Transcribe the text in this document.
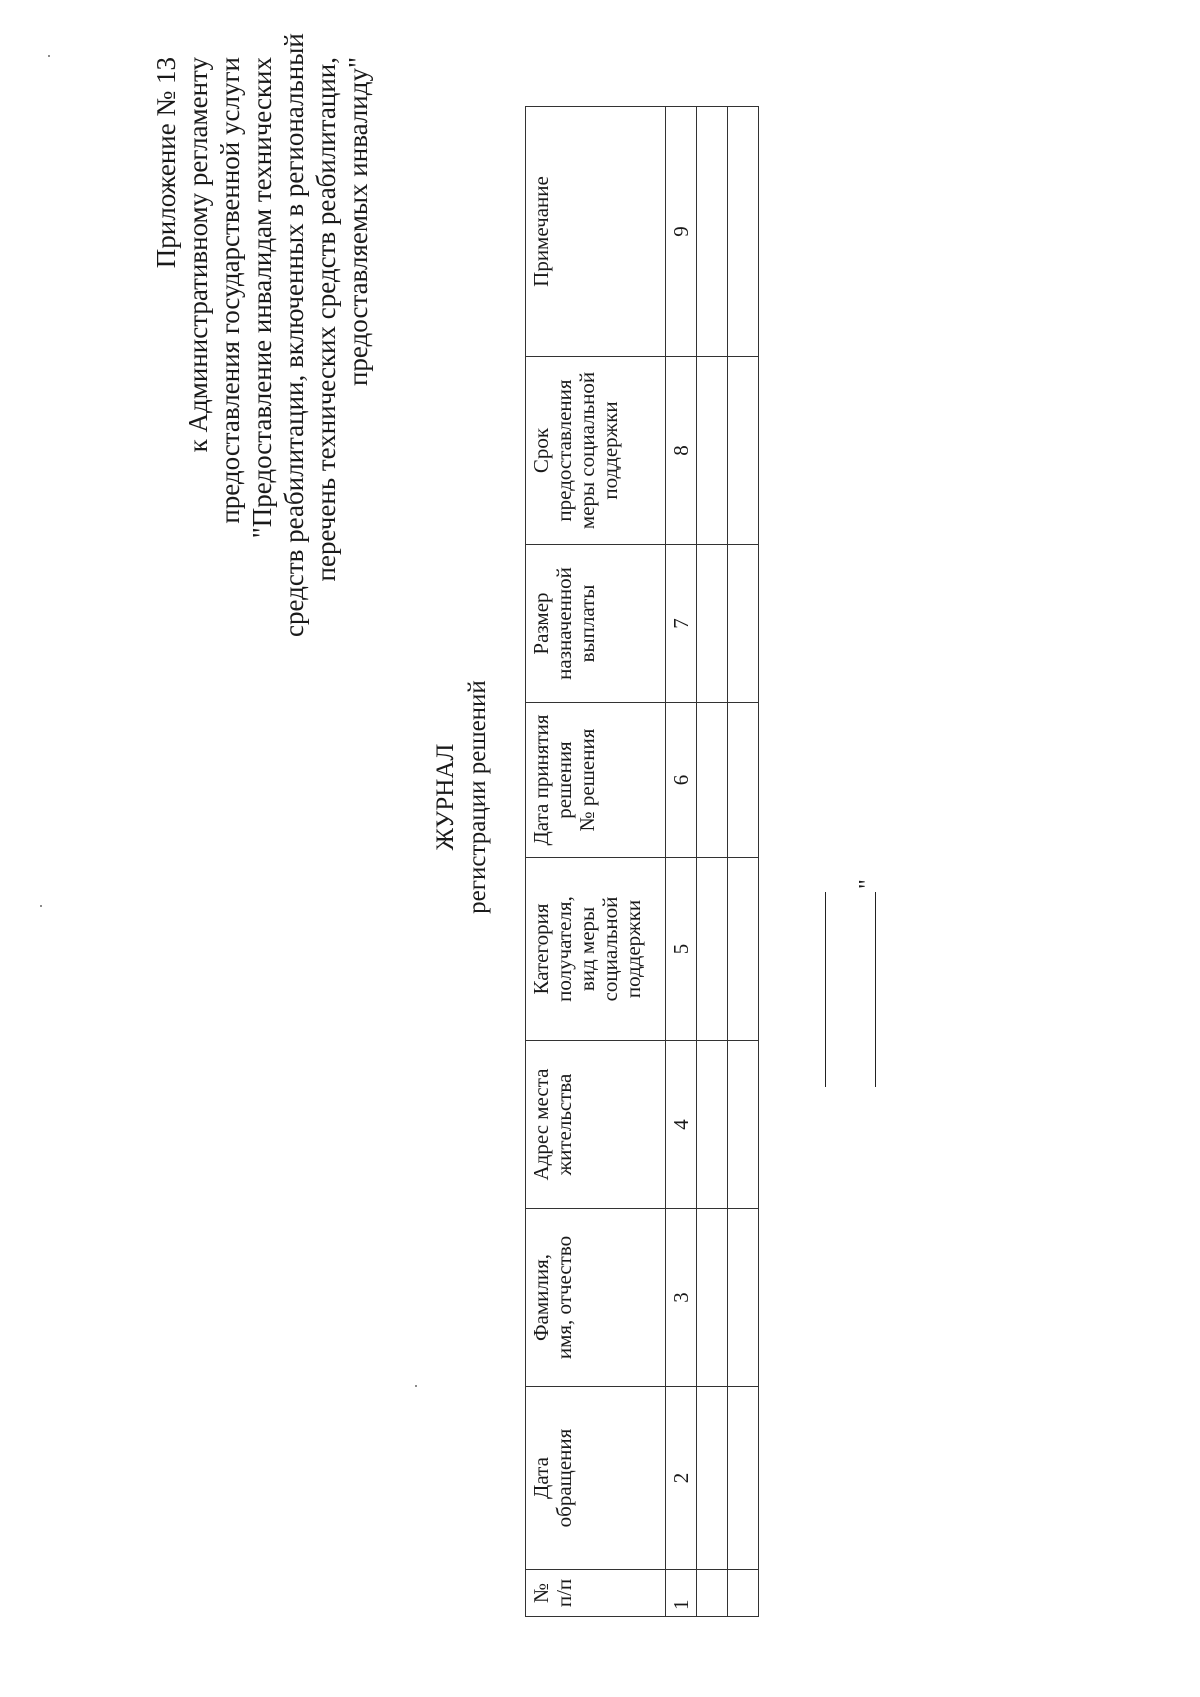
Приложение № 13 к Административному регламенту предоставления государственной услуги "Предоставление инвалидам технических средств реабилитации, включенных в региональный перечень технических средств реабилитации, предоставляемых инвалиду"
ЖУРНАЛ регистрации решений
№
п/п	Дата
обращения	Фамилия,
имя, отчество	Адрес места
жительства	Категория
получателя,
вид меры
социальной
поддержки	Дата принятия
решения
№ решения	Размер
назначенной
выплаты	Срок
предоставления
меры социальной
поддержки	Примечание
1	2	3	4	5	6	7	8	9

"
